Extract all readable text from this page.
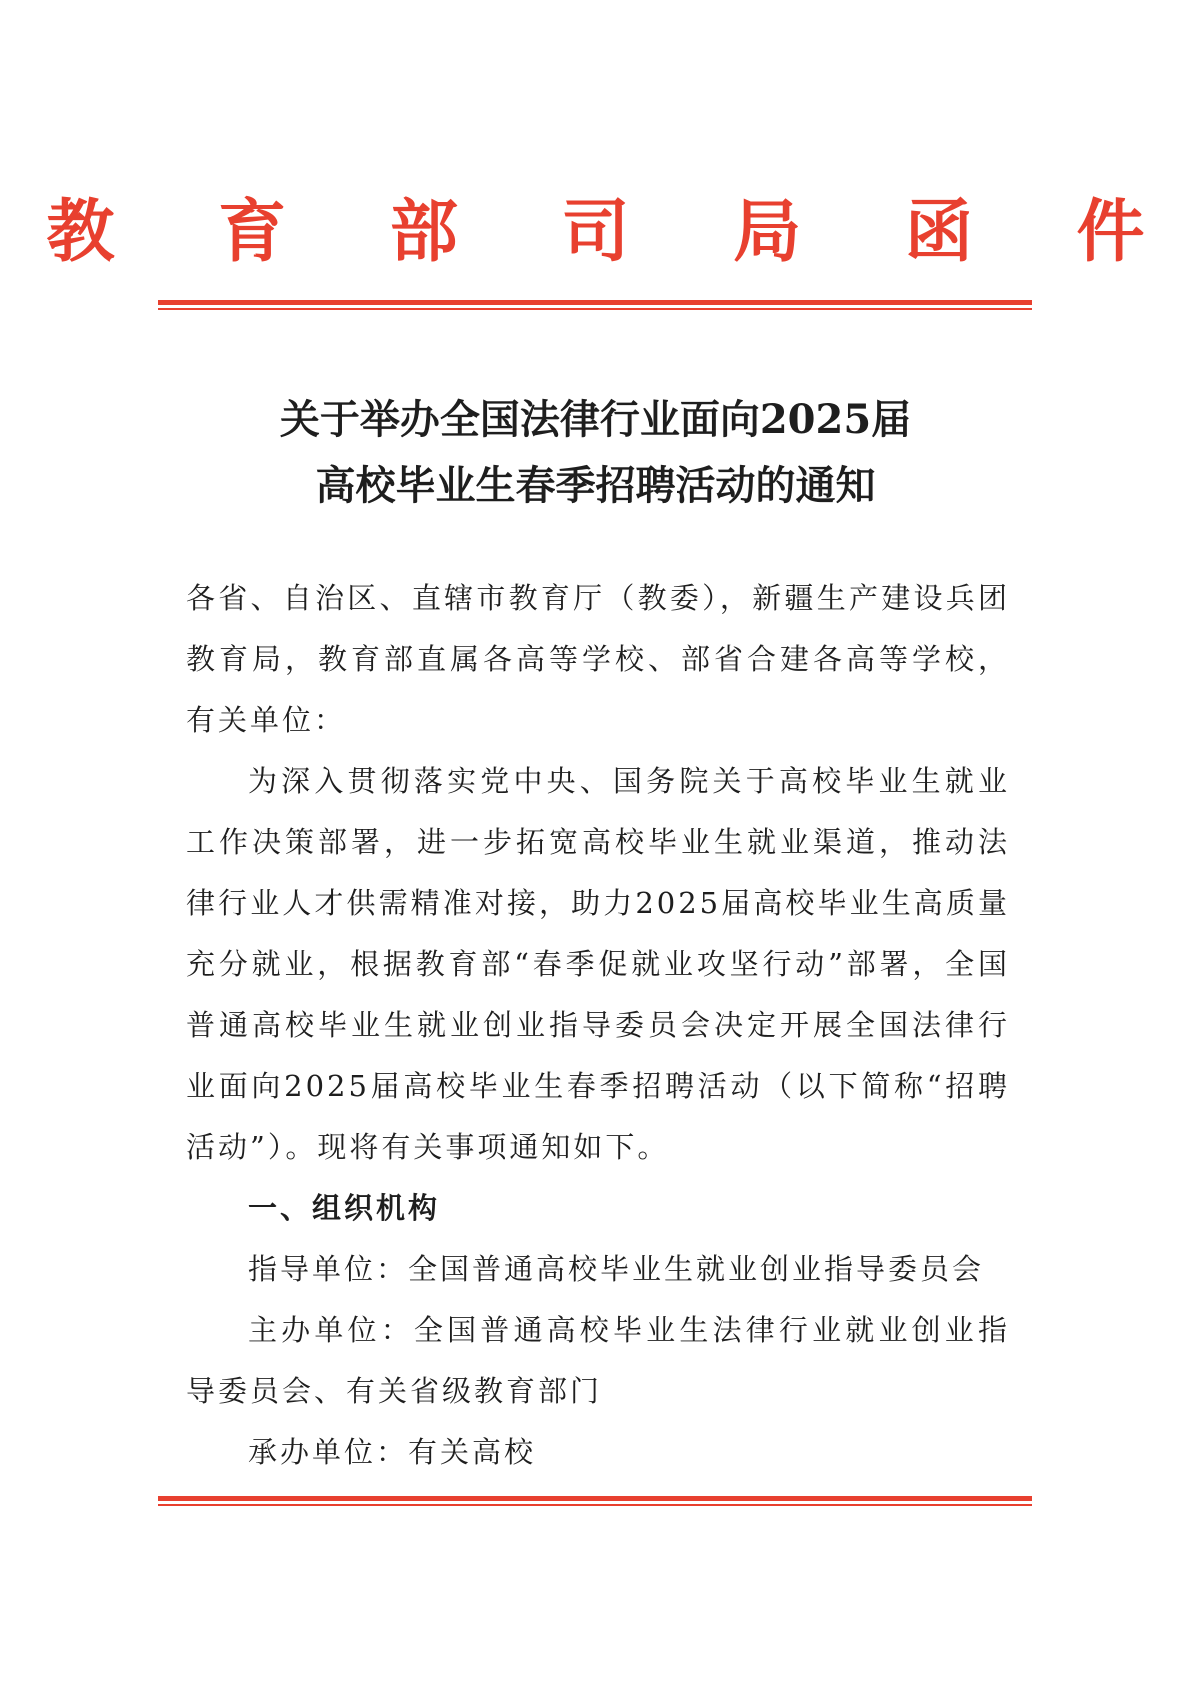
教 育 部 司 局 函 件
关于举办全国法律行业面向2025届
高校毕业生春季招聘活动的通知

各省、自治区、直辖市教育厅（教委），新疆生产建设兵团教育局，教育部直属各高等学校、部省合建各高等学校，有关单位：

为深入贯彻落实党中央、国务院关于高校毕业生就业工作决策部署，进一步拓宽高校毕业生就业渠道，推动法律行业人才供需精准对接，助力2025届高校毕业生高质量充分就业，根据教育部“春季促就业攻坚行动”部署，全国普通高校毕业生就业创业指导委员会决定开展全国法律行业面向2025届高校毕业生春季招聘活动（以下简称“招聘活动”）。现将有关事项通知如下。

一、组织机构

指导单位：全国普通高校毕业生就业创业指导委员会

主办单位：全国普通高校毕业生法律行业就业创业指导委员会、有关省级教育部门

承办单位：有关高校
